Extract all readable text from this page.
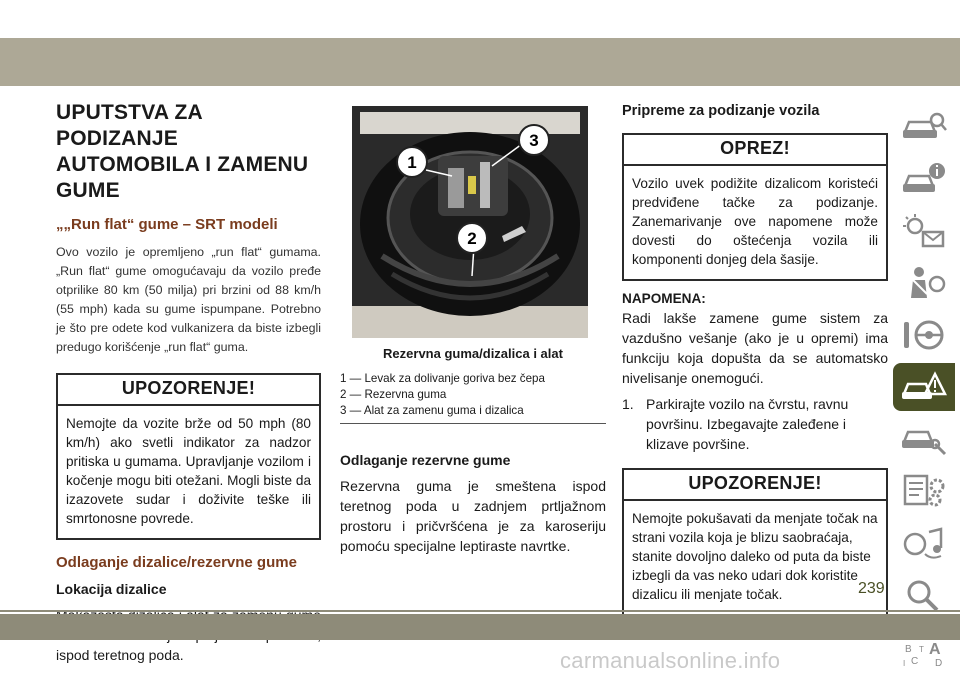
UPUTSTVA ZA PODIZANJE AUTOMOBILA I ZAMENU GUME
„„Run flat“ gume – SRT modeli

Ovo vozilo je opremljeno „run flat“ gumama. „Run flat“ gume omogućavaju da vozilo pređe otprilike 80 km (50 milja) pri brzini od 88 km/h (55 mph) kada su gume ispumpane. Potrebno je što pre odete kod vulkanizera da biste izbegli predugo korišćenje „run flat“ guma.

UPOZORENJE!
Nemojte da vozite brže od 50 mph (80 km/h) ako svetli indikator za nadzor pritiska u gumama. Upravljanje vozilom i kočenje mogu biti otežani. Mogli biste da izazovete sudar i doživite teške ili smrtonosne povrede.
Odlaganje dizalice/rezervne gume
Lokacija dizalice

ispod teretnog poda.

1
3
2
Rezervna guma/dizalica i alat
1 — Levak za dolivanje goriva bez čepa
2 — Rezervna guma
3 — Alat za zamenu guma i dizalica
Odlaganje rezervne gume

Rezervna guma je smeštena ispod teretnog poda u zadnjem prtljažnom prostoru i pričvršćena je za karoseriju pomoću specijalne leptiraste navrtke.

Pripreme za podizanje vozila
OPREZ!
Vozilo uvek podižite dizalicom koristeći predviđene tačke za podizanje. Zanemarivanje ove napomene može dovesti do oštećenja vozila ili komponenti donjeg dela šasije.
NAPOMENA:

Radi lakše zamene gume sistem za vazdušno vešanje (ako je u opremi) ima funkciju koja dopušta da se automatsko nivelisanje onemogući.

1. Parkirajte vozilo na čvrstu, ravnu površinu. Izbegavajte zaleđene i klizave površine.

UPOZORENJE!
Nemojte pokušavati da menjate točak na strani vozila koja je blizu saobraćaja, stanite dovoljno daleko od puta da biste izbegli da vas neko udari dok koristite dizalicu ili menjate točak.
B A
C D
I
T
239
carmanualsonline.info
